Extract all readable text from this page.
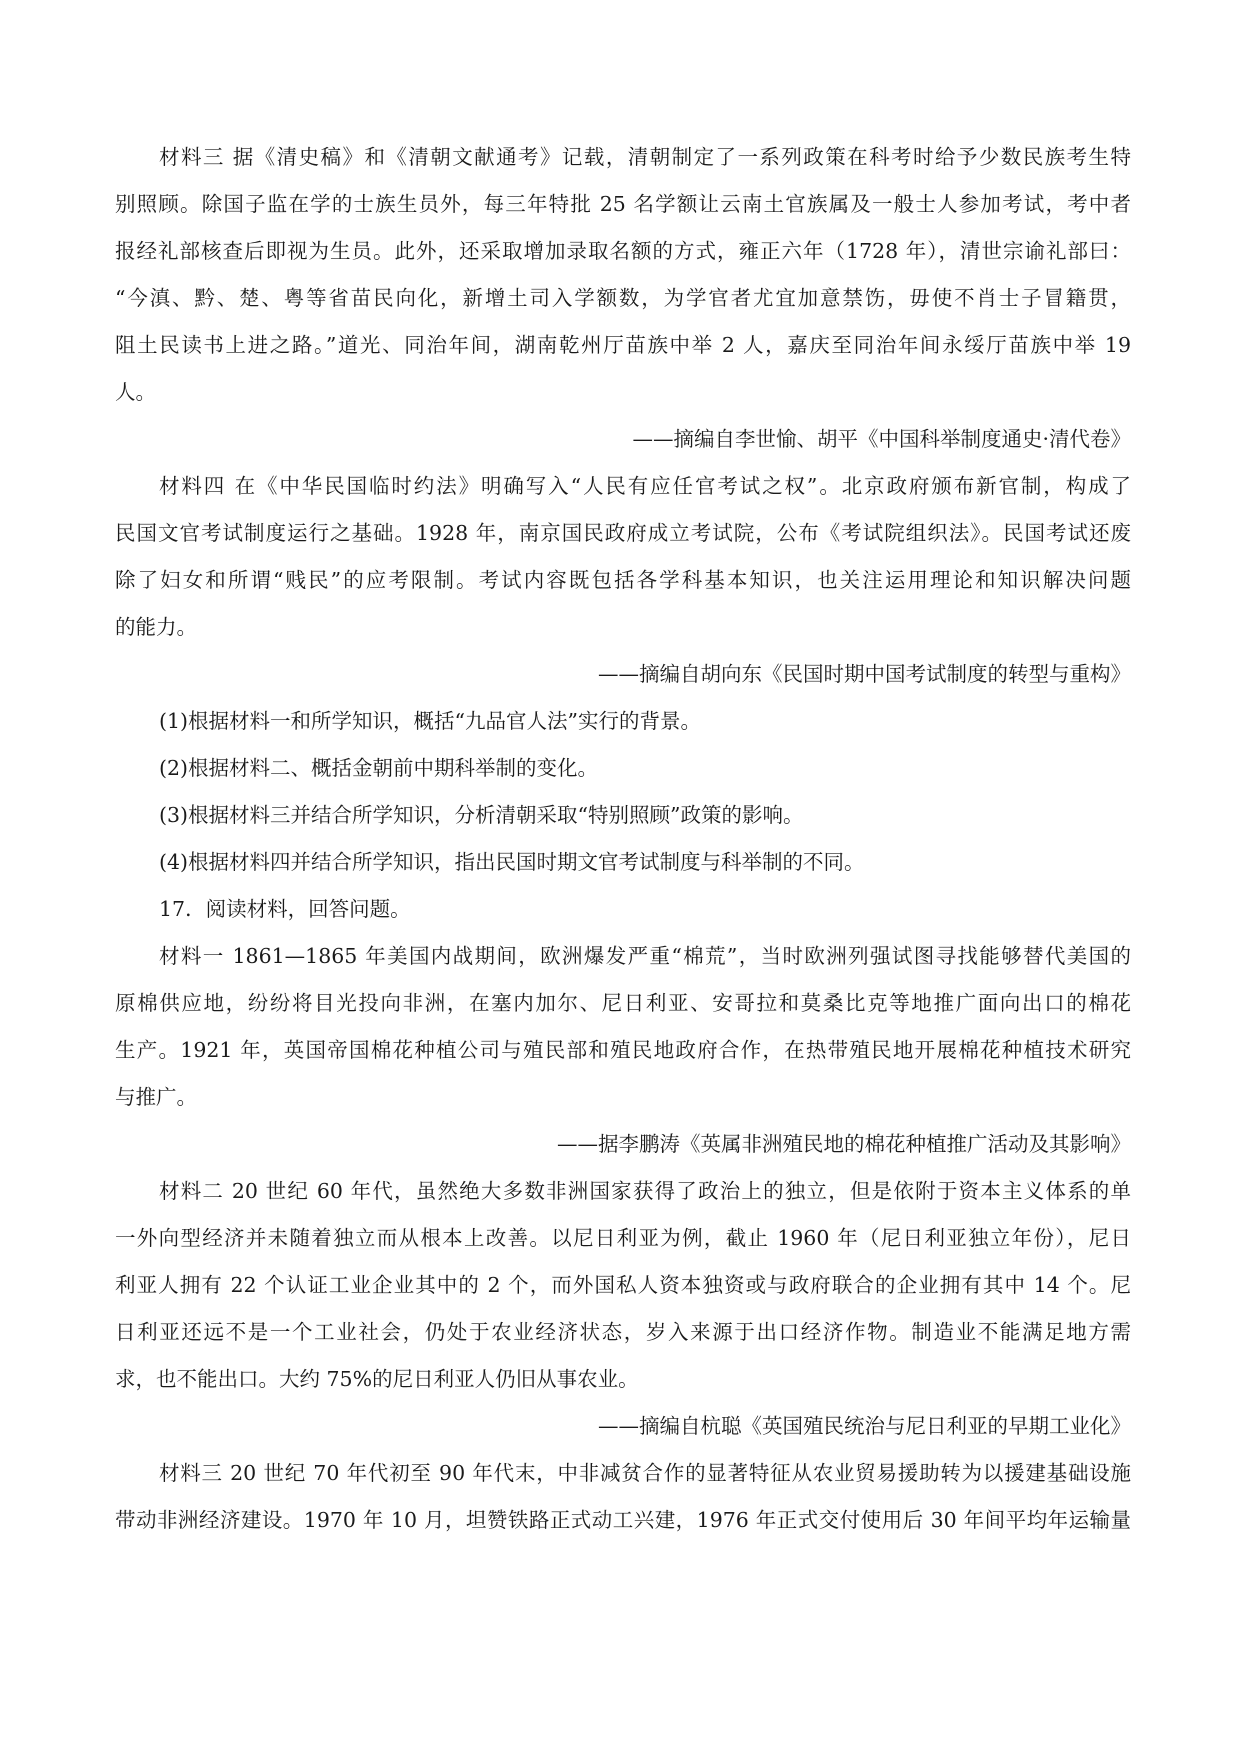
材料三 据《清史稿》和《清朝文献通考》记载，清朝制定了一系列政策在科考时给予少数民族考生特
别照顾。除国子监在学的士族生员外，每三年特批 25 名学额让云南土官族属及一般士人参加考试，考中者
报经礼部核查后即视为生员。此外，还采取增加录取名额的方式，雍正六年（1728 年），清世宗谕礼部曰：
“今滇、黔、楚、粤等省苗民向化，新增土司入学额数，为学官者尤宜加意禁饬，毋使不肖士子冒籍贯，
阻土民读书上进之路。”道光、同治年间，湖南乾州厅苗族中举 2 人，嘉庆至同治年间永绥厅苗族中举 19
人。
——摘编自李世愉、胡平《中国科举制度通史·清代卷》
材料四 在《中华民国临时约法》明确写入“人民有应任官考试之权”。北京政府颁布新官制，构成了
民国文官考试制度运行之基础。1928 年，南京国民政府成立考试院，公布《考试院组织法》。民国考试还废
除了妇女和所谓“贱民”的应考限制。考试内容既包括各学科基本知识，也关注运用理论和知识解决问题
的能力。
——摘编自胡向东《民国时期中国考试制度的转型与重构》
(1)根据材料一和所学知识，概括“九品官人法”实行的背景。
(2)根据材料二、概括金朝前中期科举制的变化。
(3)根据材料三并结合所学知识，分析清朝采取“特别照顾”政策的影响。
(4)根据材料四并结合所学知识，指出民国时期文官考试制度与科举制的不同。
17．阅读材料，回答问题。
材料一 1861—1865 年美国内战期间，欧洲爆发严重“棉荒”，当时欧洲列强试图寻找能够替代美国的
原棉供应地，纷纷将目光投向非洲，在塞内加尔、尼日利亚、安哥拉和莫桑比克等地推广面向出口的棉花
生产。1921 年，英国帝国棉花种植公司与殖民部和殖民地政府合作，在热带殖民地开展棉花种植技术研究
与推广。
——据李鹏涛《英属非洲殖民地的棉花种植推广活动及其影响》
材料二 20 世纪 60 年代，虽然绝大多数非洲国家获得了政治上的独立，但是依附于资本主义体系的单
一外向型经济并未随着独立而从根本上改善。以尼日利亚为例，截止 1960 年（尼日利亚独立年份），尼日
利亚人拥有 22 个认证工业企业其中的 2 个，而外国私人资本独资或与政府联合的企业拥有其中 14 个。尼
日利亚还远不是一个工业社会，仍处于农业经济状态，岁入来源于出口经济作物。制造业不能满足地方需
求，也不能出口。大约 75%的尼日利亚人仍旧从事农业。
——摘编自杭聪《英国殖民统治与尼日利亚的早期工业化》
材料三 20 世纪 70 年代初至 90 年代末，中非减贫合作的显著特征从农业贸易援助转为以援建基础设施
带动非洲经济建设。1970 年 10 月，坦赞铁路正式动工兴建，1976 年正式交付使用后 30 年间平均年运输量
